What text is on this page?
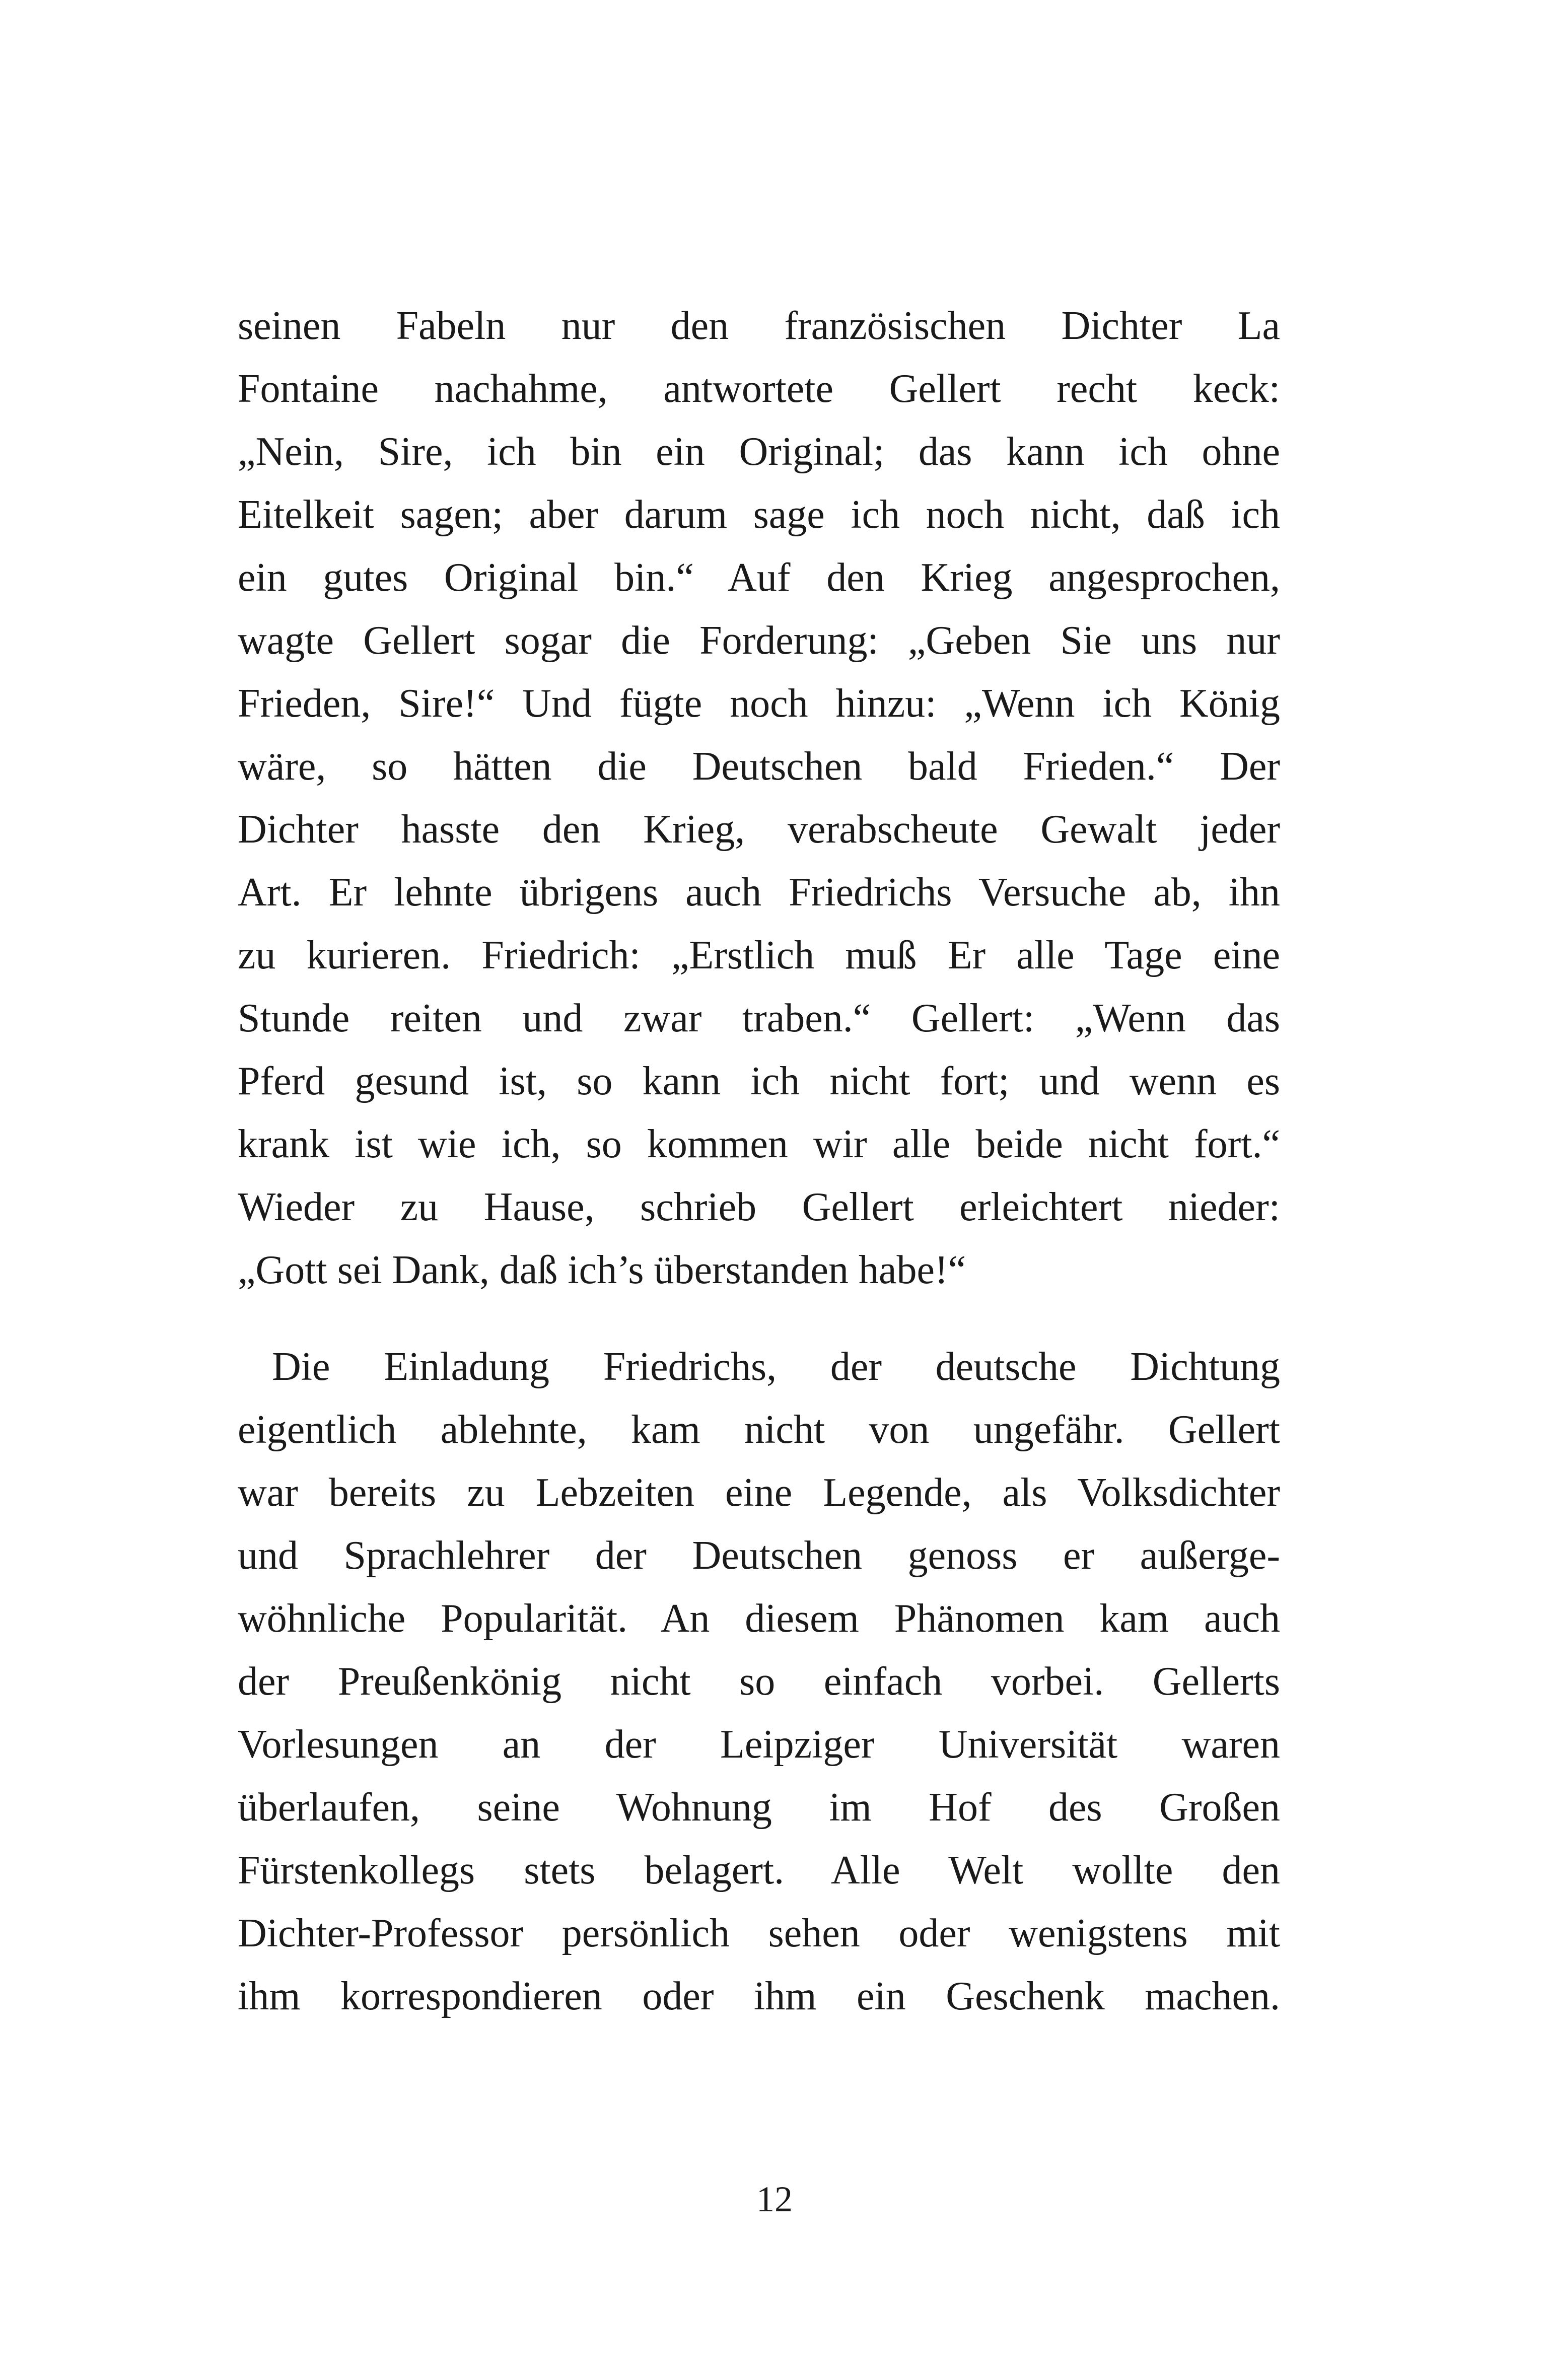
seinen Fabeln nur den französischen Dichter La
Fontaine nachahme, antwortete Gellert recht keck:
„Nein, Sire, ich bin ein Original; das kann ich ohne
Eitelkeit sagen; aber darum sage ich noch nicht, daß ich
ein gutes Original bin.“ Auf den Krieg angesprochen,
wagte Gellert sogar die Forderung: „Geben Sie uns nur
Frieden, Sire!“ Und fügte noch hinzu: „Wenn ich König
wäre, so hätten die Deutschen bald Frieden.“ Der
Dichter hasste den Krieg, verabscheute Gewalt jeder
Art. Er lehnte übrigens auch Friedrichs Versuche ab, ihn
zu kurieren. Friedrich: „Erstlich muß Er alle Tage eine
Stunde reiten und zwar traben.“ Gellert: „Wenn das
Pferd gesund ist, so kann ich nicht fort; und wenn es
krank ist wie ich, so kommen wir alle beide nicht fort.“
Wieder zu Hause, schrieb Gellert erleichtert nieder:
„Gott sei Dank, daß ich’s überstanden habe!“
Die Einladung Friedrichs, der deutsche Dichtung
eigentlich ablehnte, kam nicht von ungefähr. Gellert
war bereits zu Lebzeiten eine Legende, als Volksdichter
und Sprachlehrer der Deutschen genoss er außerge-
wöhnliche Popularität. An diesem Phänomen kam auch
der Preußenkönig nicht so einfach vorbei. Gellerts
Vorlesungen an der Leipziger Universität waren
überlaufen, seine Wohnung im Hof des Großen
Fürstenkollegs stets belagert. Alle Welt wollte den
Dichter-Professor persönlich sehen oder wenigstens mit
ihm korrespondieren oder ihm ein Geschenk machen.
12
